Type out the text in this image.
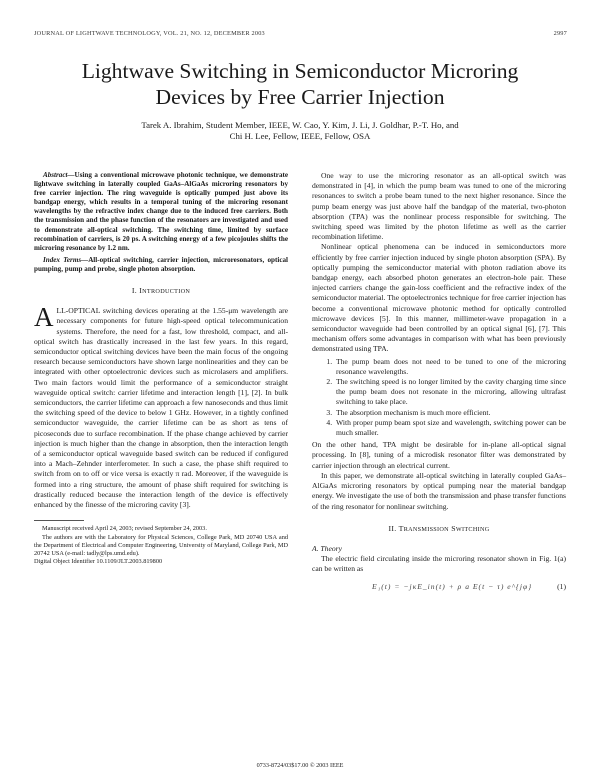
JOURNAL OF LIGHTWAVE TECHNOLOGY, VOL. 21, NO. 12, DECEMBER 2003	2997
Lightwave Switching in Semiconductor Microring
Devices by Free Carrier Injection
Tarek A. Ibrahim, Student Member, IEEE, W. Cao, Y. Kim, J. Li, J. Goldhar, P.-T. Ho, and
Chi H. Lee, Fellow, IEEE, Fellow, OSA

Abstract—Using a conventional microwave photonic technique, we demonstrate lightwave switching in laterally coupled GaAs–AlGaAs microring resonators by free carrier injection. The ring waveguide is optically pumped just above its bandgap energy, which results in a temporal tuning of the microring resonant wavelengths by the refractive index change due to the induced free carriers. Both the transmission and the phase function of the resonators are investigated and used to demonstrate all-optical switching. The switching time, limited by surface recombination of carriers, is 20 ps. A switching energy of a few picojoules shifts the microring resonance by 1.2 nm.

Index Terms—All-optical switching, carrier injection, microresonators, optical pumping, pump and probe, single photon absorption.

I. INTRODUCTION

ALL-OPTICAL switching devices operating at the 1.55-μm wavelength are necessary components for future high-speed optical telecommunication systems. Therefore, the need for a fast, low threshold, compact, and all-optical switch has drastically increased in the last few years. In this regard, semiconductor optical switching devices have been the main focus of the ongoing research because semiconductors have shown large nonlinearities and they can be integrated with other optoelectronic devices such as microlasers and amplifiers. Two main factors would limit the performance of a semiconductor straight waveguide optical switch: carrier lifetime and interaction length [1], [2]. In bulk semiconductors, the carrier lifetime can approach a few nanoseconds and thus limit the switching speed of the device to below 1 GHz. However, in a tightly confined semiconductor waveguide, the carrier lifetime can be as short as tens of picoseconds due to surface recombination. If the phase change achieved by carrier injection is much higher than the change in absorption, then the interaction length of a semiconductor optical waveguide based switch can be reduced if configured into a Mach–Zehnder interferometer. In such a case, the phase shift required to switch from on to off or vice versa is exactly π rad. Moreover, if the waveguide is formed into a ring structure, the amount of phase shift required for switching is drastically reduced because the interaction length of the device is effectively enhanced by the finesse of the microring cavity [3].

Manuscript received April 24, 2003; revised September 24, 2003.

The authors are with the Laboratory for Physical Sciences, College Park, MD 20740 USA and the Department of Electrical and Computer Engineering, University of Maryland, College Park, MD 20742 USA (e-mail: tadly@lps.umd.edu).

Digital Object Identifier 10.1109/JLT.2003.819800

One way to use the microring resonator as an all-optical switch was demonstrated in [4], in which the pump beam was tuned to one of the microring resonances to switch a probe beam tuned to the next higher resonance. Since the pump beam energy was just above half the bandgap of the material, two-photon absorption (TPA) was the nonlinear process responsible for switching. The switching speed was limited by the photon lifetime as well as the carrier recombination lifetime.

Nonlinear optical phenomena can be induced in semiconductors more efficiently by free carrier injection induced by single photon absorption (SPA). By optically pumping the semiconductor material with photon radiation above its bandgap energy, each absorbed photon generates an electron-hole pair. These injected carriers change the gain-loss coefficient and the refractive index of the semiconductor material. The optoelectronics technique for free carrier injection has become a conventional microwave photonic method for optically controlled microwave devices [5]. In this manner, millimeter-wave propagation in a semiconductor waveguide had been controlled by an optical signal [6], [7]. This mechanism offers some advantages in comparison with what has been previously demonstrated using TPA.

1. The pump beam does not need to be tuned to one of the microring resonance wavelengths.
2. The switching speed is no longer limited by the cavity charging time since the pump beam does not resonate in the microring, allowing ultrafast switching to take place.
3. The absorption mechanism is much more efficient.
4. With proper pump beam spot size and wavelength, switching power can be much smaller.

On the other hand, TPA might be desirable for in-plane all-optical signal processing. In [8], tuning of a microdisk resonator filter was demonstrated by carrier injection through an electrical current.

In this paper, we demonstrate all-optical switching in laterally coupled GaAs–AlGaAs microring resonators by optical pumping near the material bandgap energy. We investigate the use of both the transmission and phase transfer functions of the ring resonator for nonlinear switching.

II. TRANSMISSION SWITCHING

A. Theory

The electric field circulating inside the microring resonator shown in Fig. 1(a) can be written as

E₁(t) = −jκE_in(t) + ρ a E(t − τ) e^{jφ}	(1)
0733-8724/03$17.00 © 2003 IEEE
